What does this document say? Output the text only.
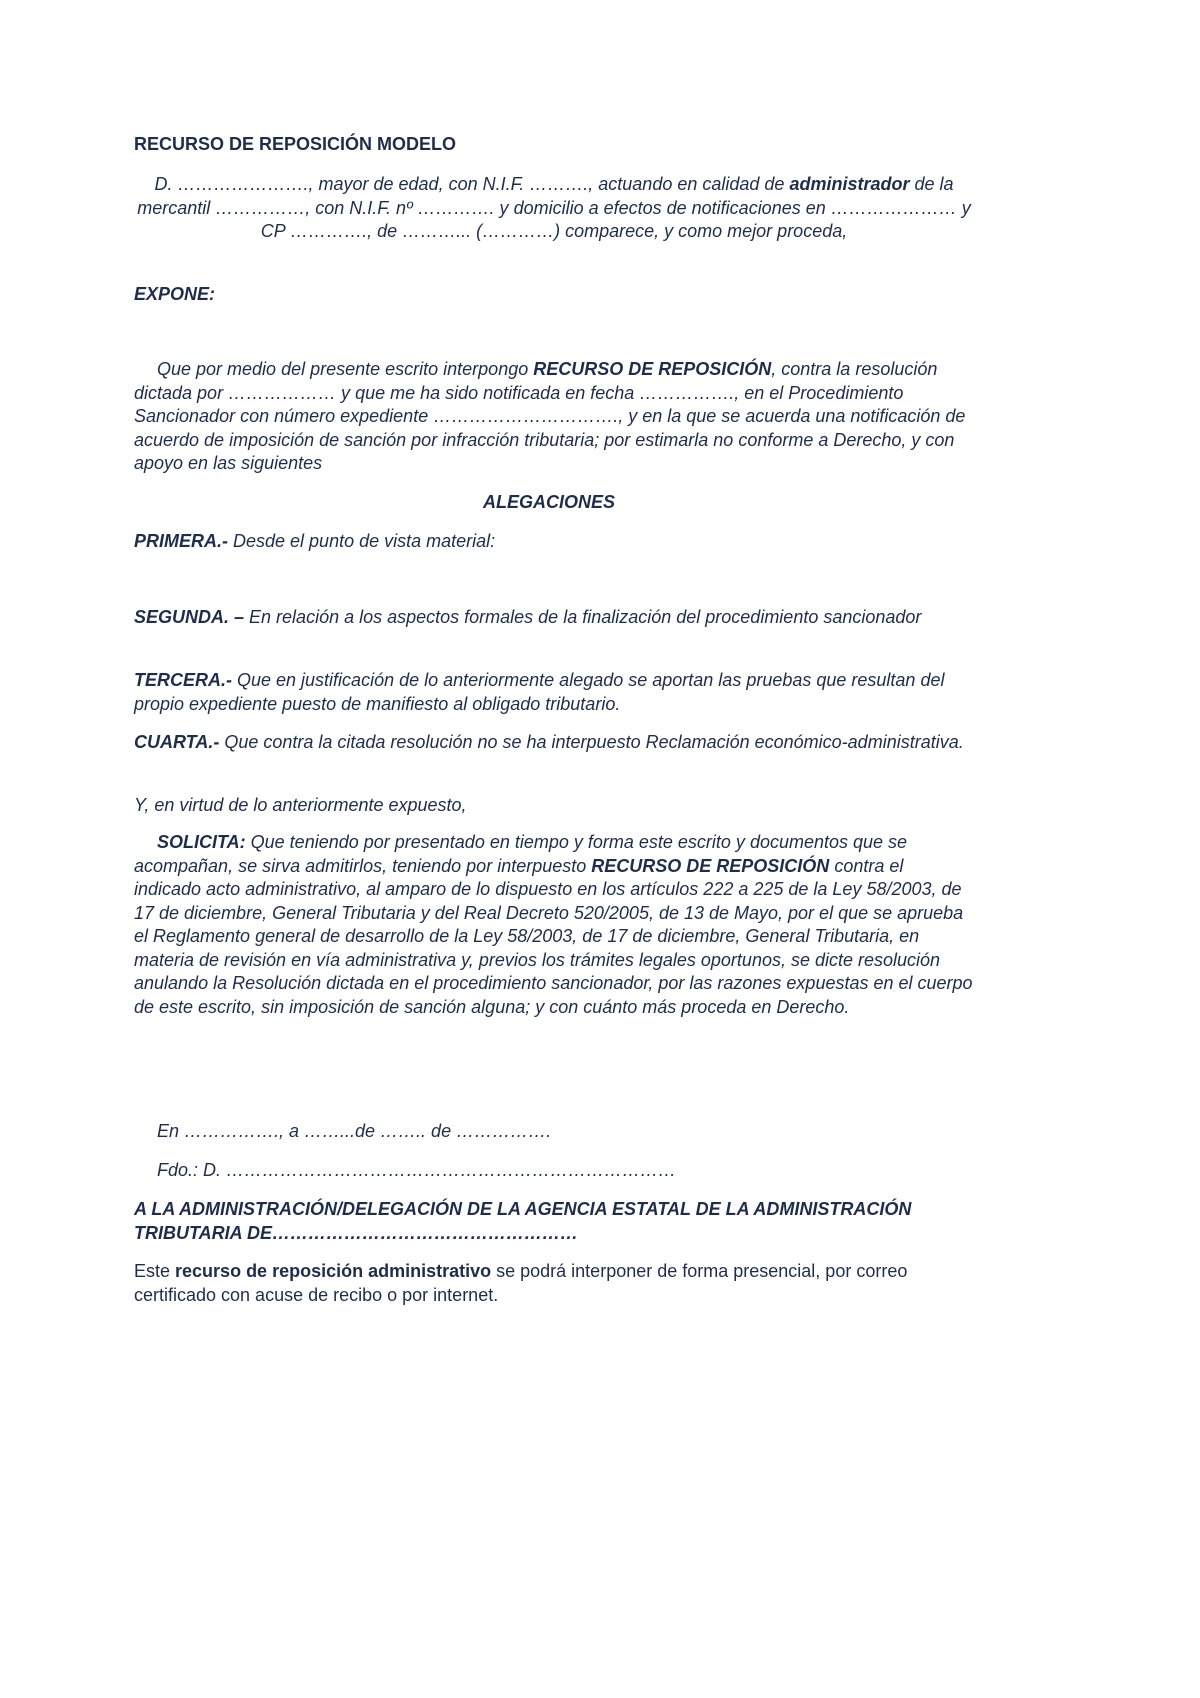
RECURSO DE REPOSICIÓN MODELO

D. …………………., mayor de edad, con N.I.F. ………., actuando en calidad de administrador de la mercantil ……………, con N.I.F. nº …………. y domicilio a efectos de notificaciones en ………………… y CP …………., de ………... (…………) comparece, y como mejor proceda,

EXPONE:

Que por medio del presente escrito interpongo RECURSO DE REPOSICIÓN, contra la resolución dictada por ……………… y que me ha sido notificada en fecha ……………., en el Procedimiento Sancionador con número expediente …………………………., y en la que se acuerda una notificación de acuerdo de imposición de sanción por infracción tributaria; por estimarla no conforme a Derecho, y con apoyo en las siguientes

ALEGACIONES

PRIMERA.- Desde el punto de vista material:

SEGUNDA. – En relación a los aspectos formales de la finalización del procedimiento sancionador

TERCERA.- Que en justificación de lo anteriormente alegado se aportan las pruebas que resultan del propio expediente puesto de manifiesto al obligado tributario.

CUARTA.- Que contra la citada resolución no se ha interpuesto Reclamación económico-administrativa.

Y, en virtud de lo anteriormente expuesto,

SOLICITA: Que teniendo por presentado en tiempo y forma este escrito y documentos que se acompañan, se sirva admitirlos, teniendo por interpuesto RECURSO DE REPOSICIÓN contra el indicado acto administrativo, al amparo de lo dispuesto en los artículos 222 a 225 de la Ley 58/2003, de 17 de diciembre, General Tributaria y del Real Decreto 520/2005, de 13 de Mayo, por el que se aprueba el Reglamento general de desarrollo de la Ley 58/2003, de 17 de diciembre, General Tributaria, en materia de revisión en vía administrativa y, previos los trámites legales oportunos, se dicte resolución anulando la Resolución dictada en el procedimiento sancionador, por las razones expuestas en el cuerpo de este escrito, sin imposición de sanción alguna; y con cuánto más proceda en Derecho.

En ……………., a ……...de …….. de …………….

Fdo.: D. …………………………………………………………………

A LA ADMINISTRACIÓN/DELEGACIÓN DE LA AGENCIA ESTATAL DE LA ADMINISTRACIÓN TRIBUTARIA DE……………………………………………

Este recurso de reposición administrativo se podrá interponer de forma presencial, por correo certificado con acuse de recibo o por internet.
